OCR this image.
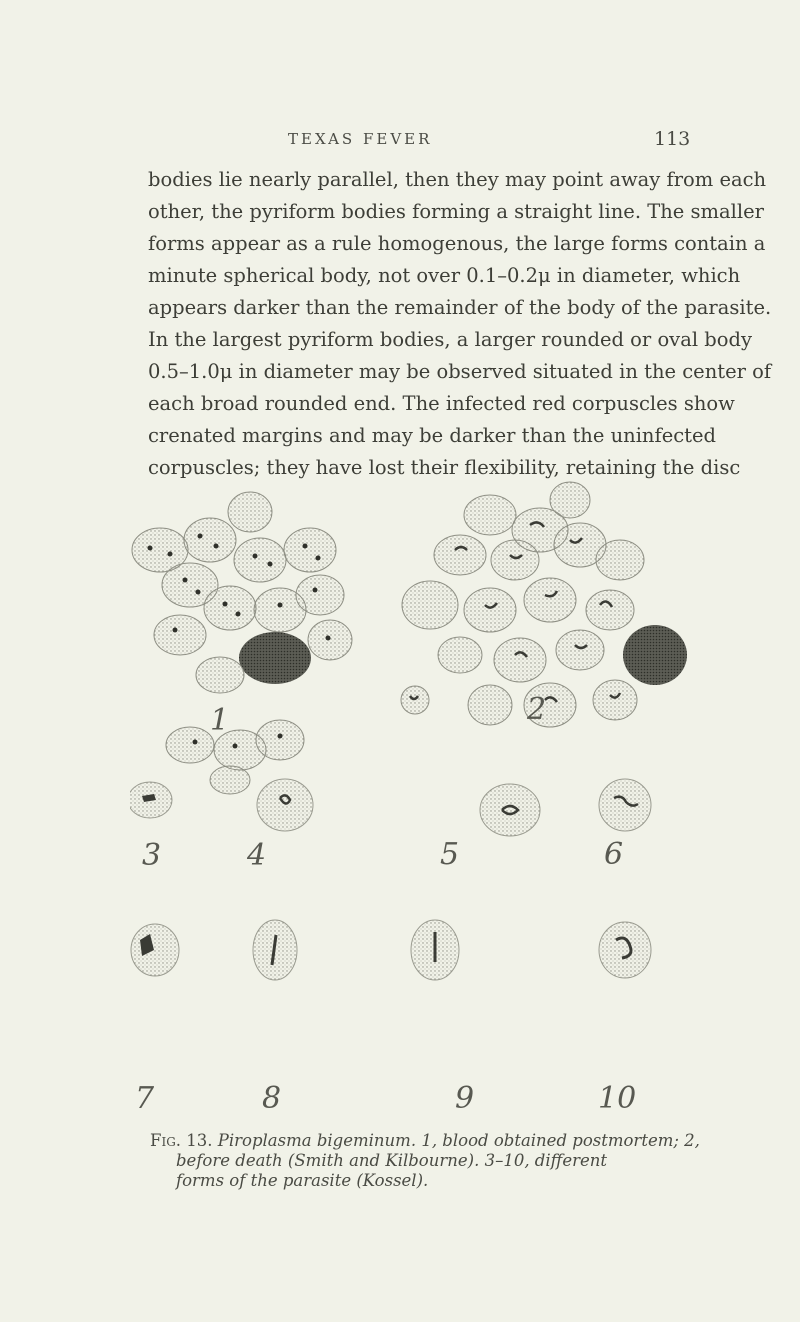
TEXAS FEVER	113
bodies lie nearly parallel, then they may point away from each
other, the pyriform bodies forming a straight line. The smaller
forms appear as a rule homogenous, the large forms contain a
minute spherical body, not over 0.1–0.2μ in diameter, which
appears darker than the remainder of the body of the parasite.
In the largest pyriform bodies, a larger rounded or oval body
0.5–1.0μ in diameter may be observed situated in the center of
each broad rounded end. The infected red corpuscles show
crenated margins and may be darker than the uninfected
corpuscles; they have lost their flexibility, retaining the disc
1	2
3	4	5	6
7	8	9	10
Fig. 13. Piroplasma bigeminum. 1, blood obtained postmortem; 2,
before death (Smith and Kilbourne). 3–10, different
forms of the parasite (Kossel).
